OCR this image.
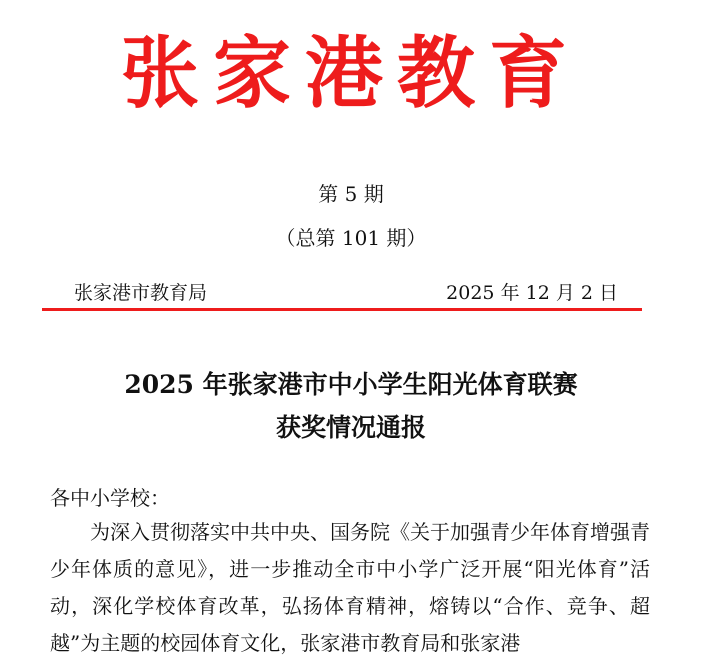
张家港教育
第 5 期
（总第 101 期）
张家港市教育局	2025 年 12 月 2 日
2025 年张家港市中小学生阳光体育联赛
获奖情况通报
各中小学校：

为深入贯彻落实中共中央、国务院《关于加强青少年体育增强青少年体质的意见》，进一步推动全市中小学广泛开展“阳光体育”活动，深化学校体育改革，弘扬体育精神，熔铸以“合作、竞争、超越”为主题的校园体育文化，张家港市教育局和张家港
